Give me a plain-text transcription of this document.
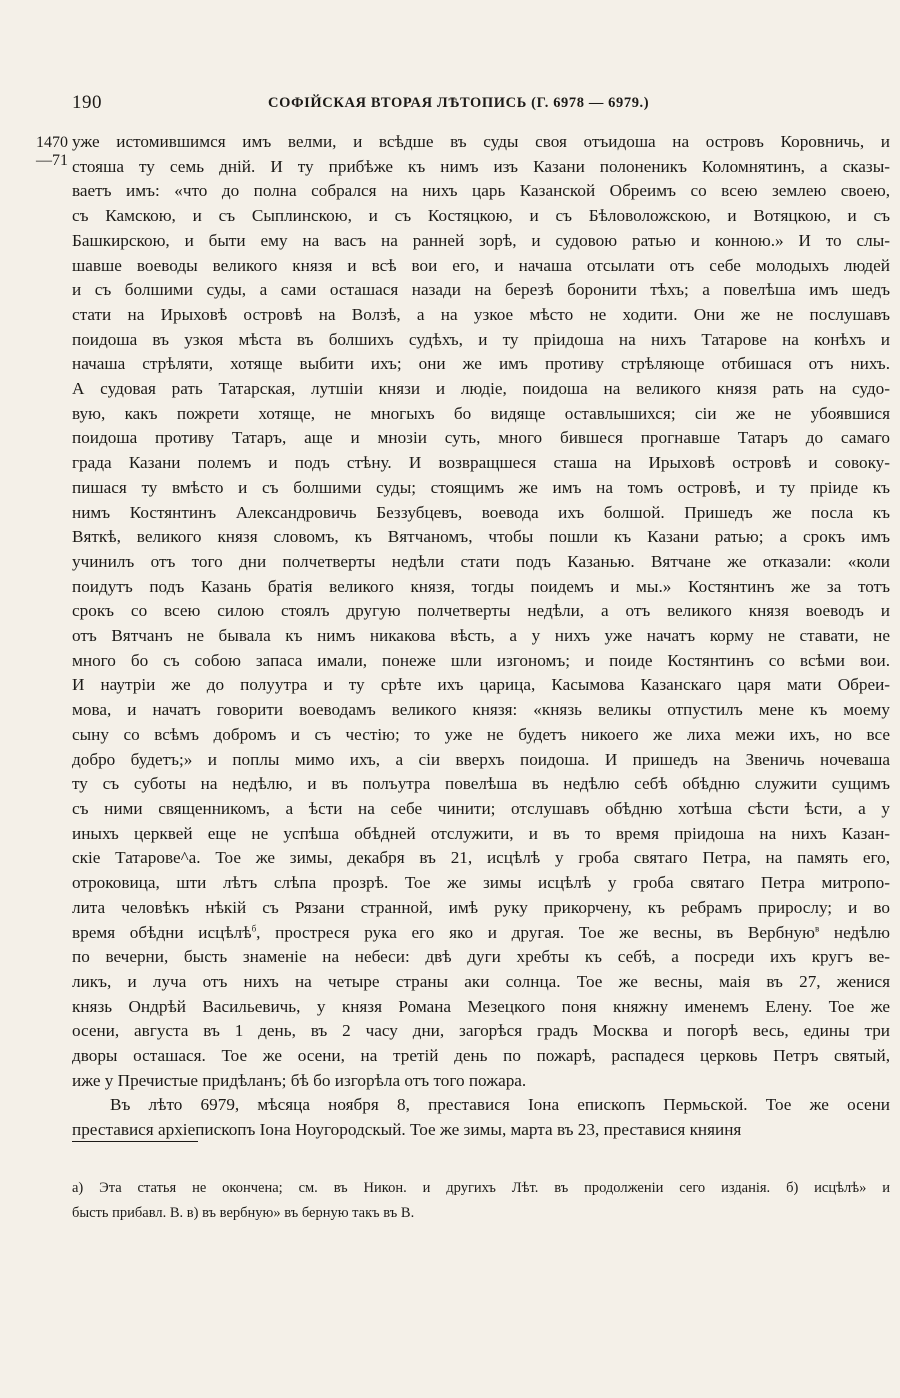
190	СОФІЙСКАЯ ВТОРАЯ ЛѢТОПИСЬ (Г. 6978 — 6979.)
1470
—71
уже истомившимся имъ велми, и всѣдше въ суды своя отъидоша на островъ Коровничь, и
стояша ту семь днiй. И ту прибѣже къ нимъ изъ Казани полоненикъ Коломнятинъ, а сказы-
ваетъ имъ: «что до полна собрался на нихъ царь Казанской Обреимъ со всею землею своею,
съ Камскою, и съ Сыплинскою, и съ Костяцкою, и съ Бѣловоложскою, и Вотяцкою, и съ
Башкирскою, и быти ему на васъ на ранней зорѣ, и судовою ратью и конною.» И то слы-
шавше воеводы великого князя и всѣ вои его, и начаша отсылати отъ себе молодыхъ людей
и съ болшими суды, а сами осташася назади на березѣ боронити тѣхъ; а повелѣша имъ шедъ
стати на Ирыховѣ островѣ на Волзѣ, а на узкое мѣсто не ходити. Они же не послушавъ
поидоша въ узкоя мѣста въ болшихъ судѣхъ, и ту прiидоша на нихъ Татарове на конѣхъ и
начаша стрѣляти, хотяще выбити ихъ; они же имъ противу стрѣляюще отбишася отъ нихъ.
А судовая рать Татарская, лутшiи князи и людiе, поидоша на великого князя рать на судо-
вую, какъ пожрети хотяще, не многыхъ бо видяще оставлышихся; сiи же не убоявшися
поидоша противу Татаръ, аще и мнозiи суть, много бившеся прогнавше Татаръ до самаго
града Казани полемъ и подъ стѣну. И возвращшеся сташа на Ирыховѣ островѣ и совоку-
пишася ту вмѣсто и съ болшими суды; стоящимъ же имъ на томъ островѣ, и ту прiиде къ
нимъ Костянтинъ Александровичь Беззубцевъ, воевода ихъ болшой. Пришедъ же посла къ
Вяткѣ, великого князя словомъ, къ Вятчаномъ, чтобы пошли къ Казани ратью; а срокъ имъ
учинилъ отъ того дни полчетверты недѣли стати подъ Казанью. Вятчане же отказали: «коли
поидутъ подъ Казань братiя великого князя, тогды поидемъ и мы.» Костянтинъ же за тотъ
срокъ со всею силою стоялъ другую полчетверты недѣли, а отъ великого князя воеводъ и
отъ Вятчанъ не бывала къ нимъ никакова вѣсть, а у нихъ уже начатъ корму не ставати, не
много бо съ собою запаса имали, понеже шли изгономъ; и поиде Костянтинъ со всѣми вои.
И наутрiи же до полуутра и ту срѣте ихъ царица, Касымова Казанскаго царя мати Обреи-
мова, и начатъ говорити воеводамъ великого князя: «князь великы отпустилъ мене къ моему
сыну со всѣмъ добромъ и съ честiю; то уже не будетъ никоего же лиха межи ихъ, но все
добро будетъ;» и поплы мимо ихъ, а сiи вверхъ поидоша. И пришедъ на Звеничь ночеваша
ту съ суботы на недѣлю, и въ полъутра повелѣша въ недѣлю себѣ обѣдню служити сущимъ
съ ними священникомъ, а ѣсти на себе чинити; отслушавъ обѣдню хотѣша сѣсти ѣсти, а у
иныхъ церквей еще не успѣша обѣдней отслужити, и въ то время прiидоша на нихъ Казан-
скiе Татарове^a. Тое же зимы, декабря въ 21, исцѣлѣ у гроба святаго Петра, на память его,
отроковица, шти лѣтъ слѣпа прозрѣ. Тое же зимы исцѣлѣ у гроба святаго Петра митропо-
лита человѣкъ нѣкiй съ Рязани странной, имѣ руку прикорчену, къ ребрамъ прирослу; и во
время обѣдни исцѣлѣ$^б$, простреся рука его яко и другая. Тое же весны, въ Вербную$^в$ недѣлю
по вечерни, бысть знаменiе на небеси: двѣ дуги хребты къ себѣ, а посреди ихъ кругъ ве-
ликъ, и луча отъ нихъ на четыре страны аки солнца. Тое же весны, маiя въ 27, женися
князь Ондрѣй Васильевичь, у князя Романа Мезецкого поня княжну именемъ Елену. Тое же
осени, августа въ 1 день, въ 2 часу дни, загорѣся градъ Москва и погорѣ весь, едины три
дворы осташася. Тое же осени, на третiй день по пожарѣ, распадеся церковь Петръ святый,
иже у Пречистые придѣланъ; бѣ бо изгорѣла отъ того пожара.
Въ лѣто 6979, мѣсяца ноября 8, преставися Iона епископъ Пермьской. Тое же осени
преставися архiепископъ Iона Ноугородскый. Тое же зимы, марта въ 23, преставися княиня
а) Эта статья не окончена; см. въ Никон. и другихъ Лѣт. въ продолженіи сего изданія. б) исцѣлѣ» и
бысть прибавл. В. в) въ вербную» въ берную такъ въ В.
